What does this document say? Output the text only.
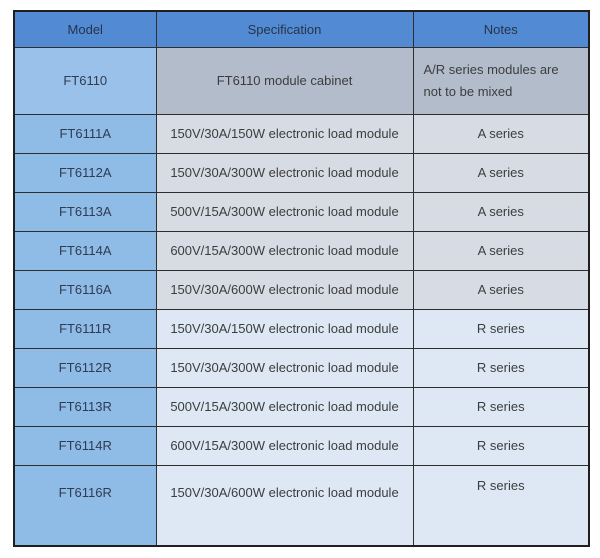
Model	Specification	Notes
FT6110	FT6110 module cabinet	A/R series modules are not to be mixed
FT6111A	150V/30A/150W electronic load module	A series
FT6112A	150V/30A/300W electronic load module	A series
FT6113A	500V/15A/300W electronic load module	A series
FT6114A	600V/15A/300W electronic load module	A series
FT6116A	150V/30A/600W electronic load module	A series
FT6111R	150V/30A/150W electronic load module	R series
FT6112R	150V/30A/300W electronic load module	R series
FT6113R	500V/15A/300W electronic load module	R series
FT6114R	600V/15A/300W electronic load module	R series
FT6116R	150V/30A/600W electronic load module	R series
